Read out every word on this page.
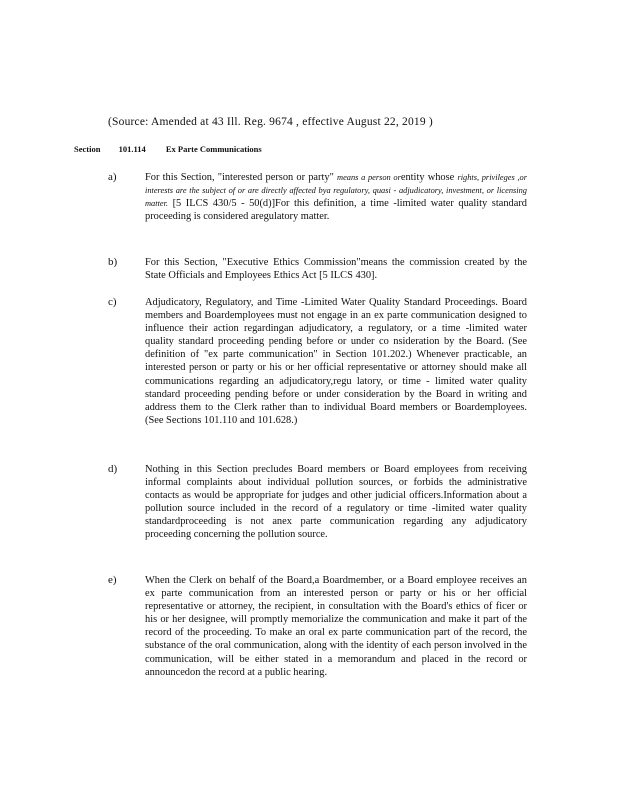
(Source: Amended at 43 Ill. Reg. 9674 , effective August 22, 2019 )
Section 101.114 Ex Parte Communications
a)	For this Section, "interested person or party" means a person orentity whose rights, privileges ,or interests are the subject of or are directly affected bya regulatory, quasi - adjudicatory, investment, or licensing matter. [5 ILCS 430/5 - 50(d)]For this definition, a time -limited water quality standard proceeding is considered aregulatory matter.
b)	For this Section, "Executive Ethics Commission"means the commission created by the State Officials and Employees Ethics Act [5 ILCS 430].
c)	Adjudicatory, Regulatory, and Time -Limited Water Quality Standard Proceedings. Board members and Boardemployees must not engage in an ex parte communication designed to influence their action regardingan adjudicatory, a regulatory, or a time -limited water quality standard proceeding pending before or under co nsideration by the Board. (See definition of "ex parte communication" in Section 101.202.) Whenever practicable, an interested person or party or his or her official representative or attorney should make all communications regarding an adjudicatory,regu latory, or time - limited water quality standard proceeding pending before or under consideration by the Board in writing and address them to the Clerk rather than to individual Board members or Boardemployees. (See Sections 101.110 and 101.628.)
d)	Nothing in this Section precludes Board members or Board employees from receiving informal complaints about individual pollution sources, or forbids the administrative contacts as would be appropriate for judges and other judicial officers.Information about a pollution source included in the record of a regulatory or time -limited water quality standardproceeding is not anex parte communication regarding any adjudicatory proceeding concerning the pollution source.
e)	When the Clerk on behalf of the Board,a Boardmember, or a Board employee receives an ex parte communication from an interested person or party or his or her official representative or attorney, the recipient, in consultation with the Board's ethics of ficer or his or her designee, will promptly memorialize the communication and make it part of the record of the proceeding. To make an oral ex parte communication part of the record, the substance of the oral communication, along with the identity of each person involved in the communication, will be either stated in a memorandum and placed in the record or announcedon the record at a public hearing.
